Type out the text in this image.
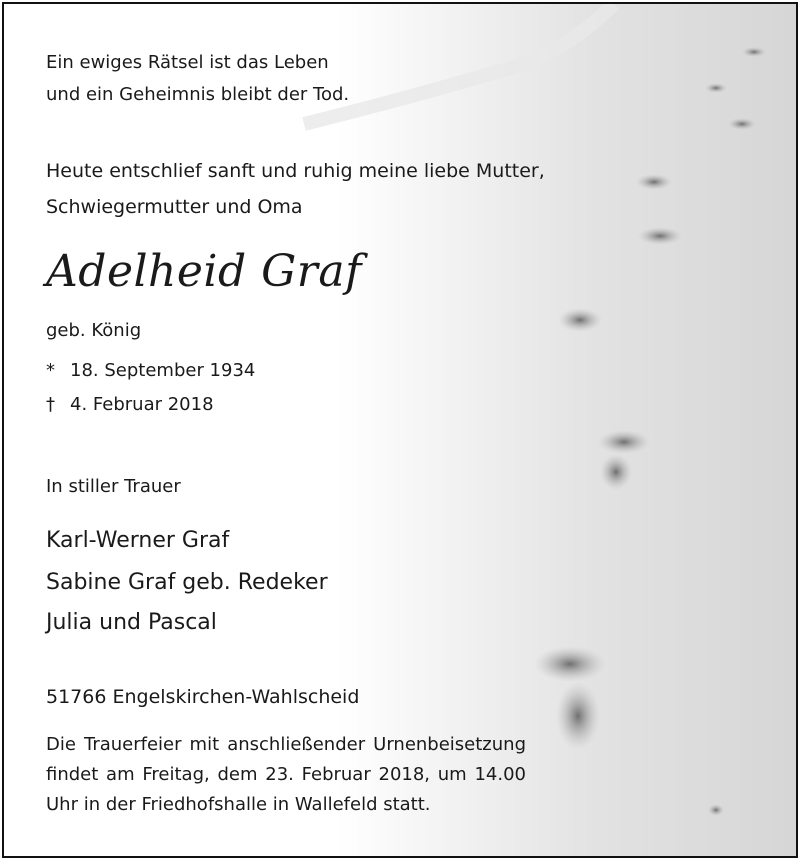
Ein ewiges Rätsel ist das Leben
und ein Geheimnis bleibt der Tod.
Heute entschlief sanft und ruhig meine liebe Mutter,
Schwiegermutter und Oma
Adelheid Graf
geb. König
* 18. September 1934
† 4. Februar 2018
In stiller Trauer
Karl-Werner Graf
Sabine Graf geb. Redeker
Julia und Pascal
51766 Engelskirchen-Wahlscheid
Die Trauerfeier mit anschließender Urnenbeisetzung findet am Freitag, dem 23. Februar 2018, um 14.00 Uhr in der Friedhofshalle in Wallefeld statt.
